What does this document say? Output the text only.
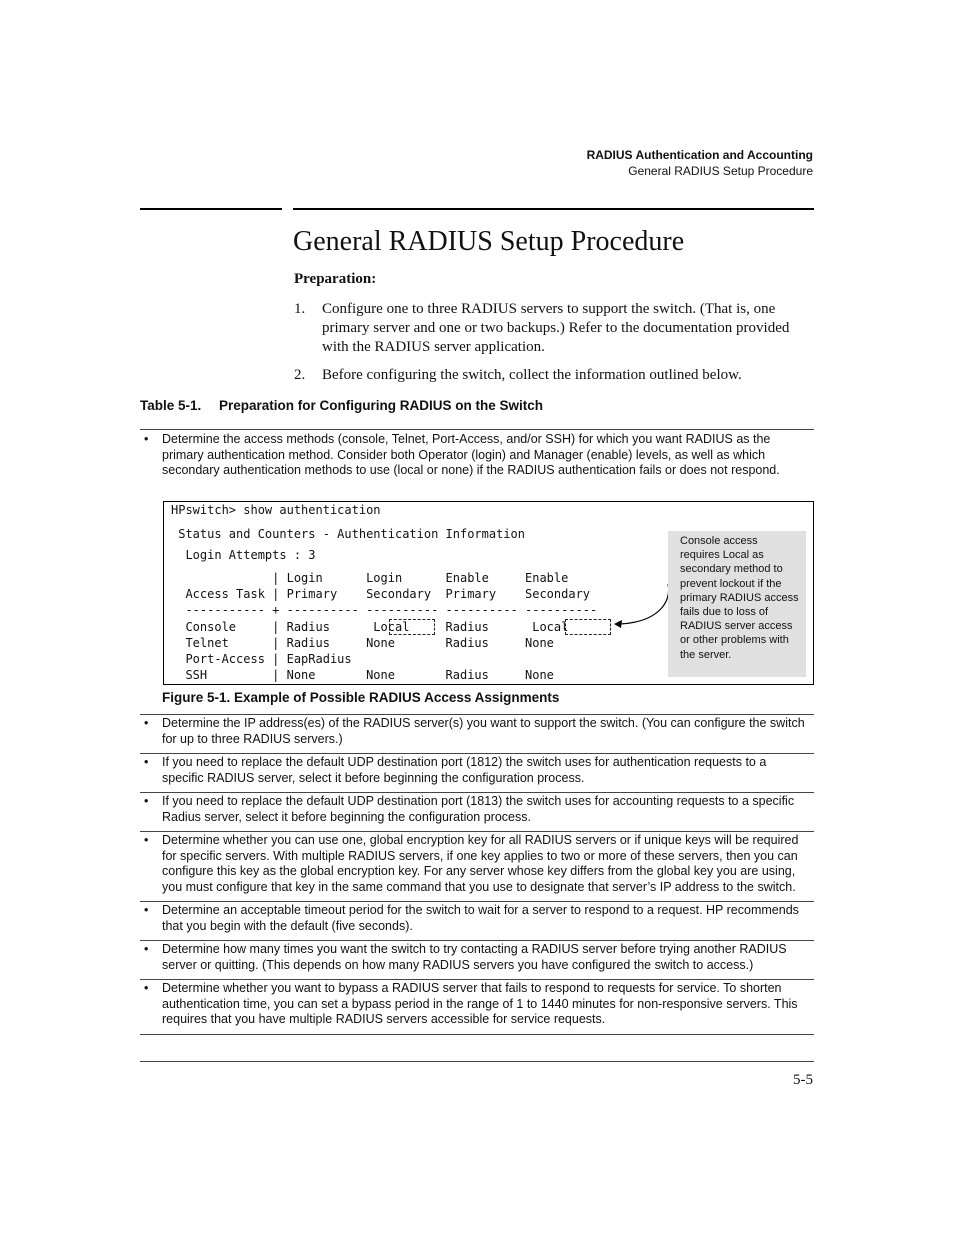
RADIUS Authentication and Accounting
General RADIUS Setup Procedure
General RADIUS Setup Procedure
Preparation:
1. Configure one to three RADIUS servers to support the switch. (That is, one primary server and one or two backups.) Refer to the documentation provided with the RADIUS server application.
2. Before configuring the switch, collect the information outlined below.
Table 5-1. Preparation for Configuring RADIUS on the Switch
• Determine the access methods (console, Telnet, Port-Access, and/or SSH) for which you want RADIUS as the primary authentication method. Consider both Operator (login) and Manager (enable) levels, as well as which secondary authentication methods to use (local or none) if the RADIUS authentication fails or does not respond.
HPswitch> show authentication
Status and Counters - Authentication Information
Login Attempts : 3
| Login      Login      Enable     Enable
Access Task | Primary    Secondary  Primary    Secondary
----------- + ---------- ---------- ---------- ----------
Console     | Radius      Local     Radius      Local
Telnet      | Radius     None       Radius     None
Port-Access | EapRadius
SSH         | None       None       Radius     None
Console access requires Local as secondary method to prevent lockout if the primary RADIUS access fails due to loss of RADIUS server access or other problems with the server.
Figure 5-1. Example of Possible RADIUS Access Assignments
• Determine the IP address(es) of the RADIUS server(s) you want to support the switch. (You can configure the switch for up to three RADIUS servers.)
• If you need to replace the default UDP destination port (1812) the switch uses for authentication requests to a specific RADIUS server, select it before beginning the configuration process.
• If you need to replace the default UDP destination port (1813) the switch uses for accounting requests to a specific Radius server, select it before beginning the configuration process.
• Determine whether you can use one, global encryption key for all RADIUS servers or if unique keys will be required for specific servers. With multiple RADIUS servers, if one key applies to two or more of these servers, then you can configure this key as the global encryption key. For any server whose key differs from the global key you are using, you must configure that key in the same command that you use to designate that server’s IP address to the switch.
• Determine an acceptable timeout period for the switch to wait for a server to respond to a request. HP recommends that you begin with the default (five seconds).
• Determine how many times you want the switch to try contacting a RADIUS server before trying another RADIUS server or quitting. (This depends on how many RADIUS servers you have configured the switch to access.)
• Determine whether you want to bypass a RADIUS server that fails to respond to requests for service. To shorten authentication time, you can set a bypass period in the range of 1 to 1440 minutes for non-responsive servers. This requires that you have multiple RADIUS servers accessible for service requests.
5-5
